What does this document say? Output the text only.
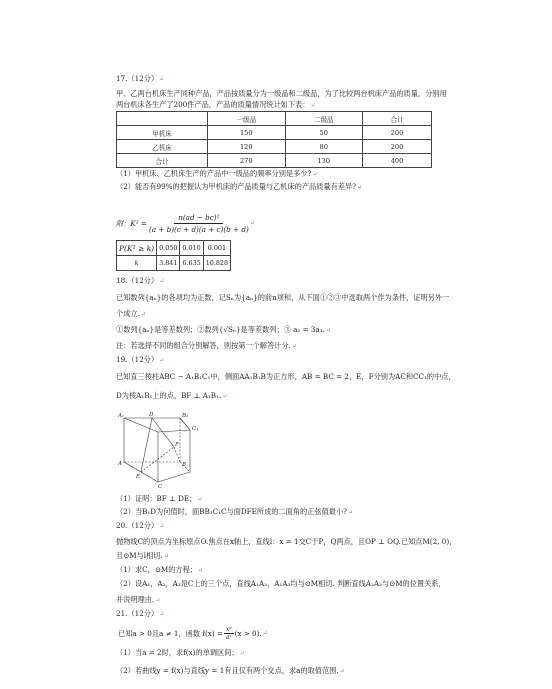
17.（12分）↵
甲、乙两台机床生产同种产品，产品按质量分为一级品和二级品，为了比较两台机床产品的质量，分别用
两台机床各生产了200件产品，产品的质量情况统计如下表：↵
	一级品	二级品	合计
甲机床	150	50	200
乙机床	120	80	200
合计	270	130	400
（1）甲机床、乙机床生产的产品中一级品的频率分别是多少?↵
（2）能否有99%的把握认为甲机床的产品质量与乙机床的产品质量有差异?↵
附：$K^2 = \frac{\text{n(ad − bc)²}}{(a + b)(c + d)(a + c)(b + d)}$ ↵
P(K² ≥ k)	0.050	0.010	0.001
k	3.841	6.635	10.828
18.（12分）↵
已知数列{aₙ}的各项均为正数，记Sₙ为{aₙ}的前n项和，从下面①②③中选取两个作为条件，证明另外一
个成立.↵
①数列{aₙ}是等差数列；②数列{√Sₙ}是等差数列；③ a₂ = 3a₁.↵
注：若选择不同的组合分别解答，则按第一个解答计分.↵
19.（12分）↵
已知直三棱柱ABC − A₁B₁C₁中，侧面AA₁B₁B为正方形，AB = BC = 2，E，F分别为AC和CC₁的中点，
D为棱A₁B₁上的点，BF ⊥ A₁B₁.↵
A₁	D	B₁
C₁
F
A
E
B
C
（1）证明：BF ⊥ DE；↵
（2）当B₁D为何值时，面BB₁C₁C与面DFE所成的二面角的正弦值最小?↵
20.（12分）↵
抛物线C的顶点为坐标原点O.焦点在x轴上，直线l：x = 1交C于P，Q两点，且OP ⊥ OQ.已知点M(2, 0)，
且⊙M与l相切.↵
（1）求C，⊙M的方程；↵
（2）设A₁，A₂，A₃是C上的三个点，直线A₁A₂，A₁A₃均与⊙M相切. 判断直线A₂A₃与⊙M的位置关系，
并说明理由.↵
21.（12分）↵
已知a > 0且a ≠ 1，函数 $f(x) = \frac{\text{xᵃ}}{\text{aˣ}} (x > 0)$. ↵
（1）当a = 2时，求f(x)的单调区间；↵
（2）若曲线y = f(x)与直线y = 1有且仅有两个交点，求a的取值范围.↵
